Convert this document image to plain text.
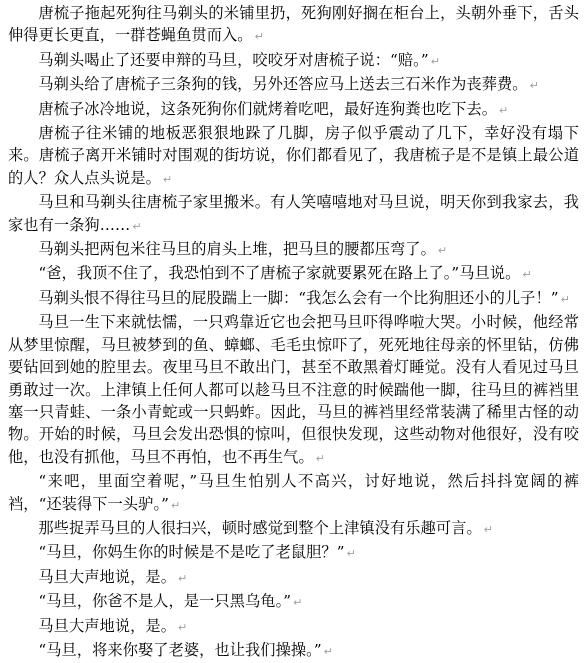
唐梳子拖起死狗往马剃头的米铺里扔，死狗刚好搁在柜台上，头朝外垂下，舌头伸得更长更直，一群苍蝇鱼贯而入。 ↵

马剃头喝止了还要申辩的马旦，咬咬牙对唐梳子说：“赔。” ↵

马剃头给了唐梳子三条狗的钱，另外还答应马上送去三石米作为丧葬费。 ↵

唐梳子冰冷地说，这条死狗你们就烤着吃吧，最好连狗粪也吃下去。 ↵

唐梳子往米铺的地板恶狠狠地跺了几脚，房子似乎震动了几下，幸好没有塌下来。唐梳子离开米铺时对围观的街坊说，你们都看见了，我唐梳子是不是镇上最公道的人？众人点头说是。 ↵

马旦和马剃头往唐梳子家里搬米。有人笑嘻嘻地对马旦说，明天你到我家去，我家也有一条狗…… ↵

马剃头把两包米往马旦的肩头上堆，把马旦的腰都压弯了。 ↵

“爸，我顶不住了，我恐怕到不了唐梳子家就要累死在路上了。”马旦说。 ↵

马剃头恨不得往马旦的屁股踹上一脚：“我怎么会有一个比狗胆还小的儿子！” ↵

马旦一生下来就怯懦，一只鸡靠近它也会把马旦吓得哗啦大哭。小时候，他经常从梦里惊醒，马旦被梦到的鱼、蟑螂、毛毛虫惊吓了，死死地往母亲的怀里钻，仿佛要钻回到她的腔里去。夜里马旦不敢出门，甚至不敢黑着灯睡觉。没有人看见过马旦勇敢过一次。上津镇上任何人都可以趁马旦不注意的时候踹他一脚，往马旦的裤裆里塞一只青蛙、一条小青蛇或一只蚂蚱。因此，马旦的裤裆里经常装满了稀里古怪的动物。开始的时候，马旦会发出恐惧的惊叫，但很快发现，这些动物对他很好，没有咬他，也没有抓他，马旦不再怕，也不再生气。 ↵

“来吧，里面空着呢，”马旦生怕别人不高兴，讨好地说，然后抖抖宽阔的裤裆，“还装得下一头驴。” ↵

那些捉弄马旦的人很扫兴，顿时感觉到整个上津镇没有乐趣可言。 ↵

“马旦，你妈生你的时候是不是吃了老鼠胆？” ↵

马旦大声地说，是。 ↵

“马旦，你爸不是人，是一只黑乌龟。” ↵

马旦大声地说，是。 ↵

“马旦，将来你娶了老婆，也让我们操操。” ↵
